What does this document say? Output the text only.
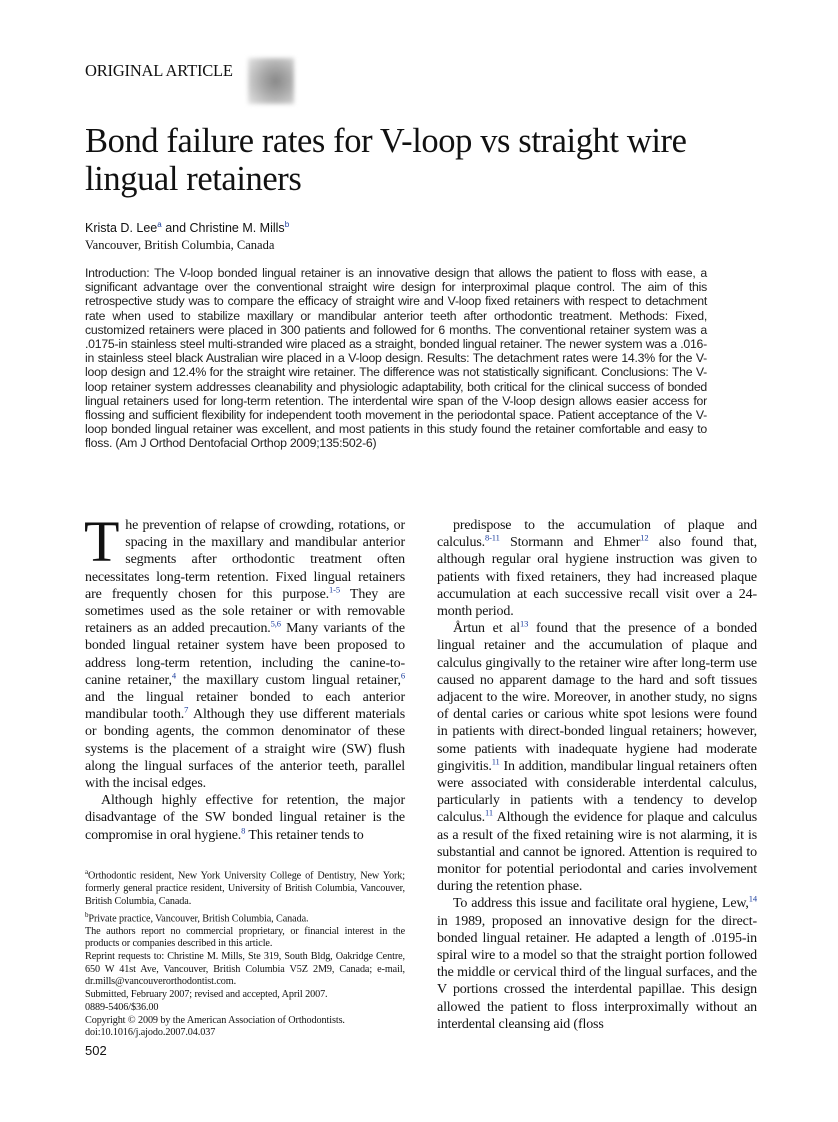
ORIGINAL ARTICLE
Bond failure rates for V-loop vs straight wire lingual retainers
Krista D. Lee$^a$ and Christine M. Mills$^b$
Vancouver, British Columbia, Canada
Introduction: The V-loop bonded lingual retainer is an innovative design that allows the patient to floss with ease, a significant advantage over the conventional straight wire design for interproximal plaque control. The aim of this retrospective study was to compare the efficacy of straight wire and V-loop fixed retainers with respect to detachment rate when used to stabilize maxillary or mandibular anterior teeth after orthodontic treatment. Methods: Fixed, customized retainers were placed in 300 patients and followed for 6 months. The conventional retainer system was a .0175-in stainless steel multi-stranded wire placed as a straight, bonded lingual retainer. The newer system was a .016-in stainless steel black Australian wire placed in a V-loop design. Results: The detachment rates were 14.3% for the V-loop design and 12.4% for the straight wire retainer. The difference was not statistically significant. Conclusions: The V-loop retainer system addresses cleanability and physiologic adaptability, both critical for the clinical success of bonded lingual retainers used for long-term retention. The interdental wire span of the V-loop design allows easier access for flossing and sufficient flexibility for independent tooth movement in the periodontal space. Patient acceptance of the V-loop bonded lingual retainer was excellent, and most patients in this study found the retainer comfortable and easy to floss. (Am J Orthod Dentofacial Orthop 2009;135:502-6)

The prevention of relapse of crowding, rotations, or spacing in the maxillary and mandibular anterior segments after orthodontic treatment often necessitates long-term retention. Fixed lingual retainers are frequently chosen for this purpose.$^{1-5}$ They are sometimes used as the sole retainer or with removable retainers as an added precaution.$^{5,6}$ Many variants of the bonded lingual retainer system have been proposed to address long-term retention, including the canine-to-canine retainer,$^4$ the maxillary custom lingual retainer,$^6$ and the lingual retainer bonded to each anterior mandibular tooth.$^7$ Although they use different materials or bonding agents, the common denominator of these systems is the placement of a straight wire (SW) flush along the lingual surfaces of the anterior teeth, parallel with the incisal edges.

Although highly effective for retention, the major disadvantage of the SW bonded lingual retainer is the compromise in oral hygiene.$^8$ This retainer tends to

predispose to the accumulation of plaque and calculus.$^{8-11}$ Stormann and Ehmer$^{12}$ also found that, although regular oral hygiene instruction was given to patients with fixed retainers, they had increased plaque accumulation at each successive recall visit over a 24-month period.

Årtun et $al^{13}$ found that the presence of a bonded lingual retainer and the accumulation of plaque and calculus gingivally to the retainer wire after long-term use caused no apparent damage to the hard and soft tissues adjacent to the wire. Moreover, in another study, no signs of dental caries or carious white spot lesions were found in patients with direct-bonded lingual retainers; however, some patients with inadequate hygiene had moderate gingivitis.$^{11}$ In addition, mandibular lingual retainers often were associated with considerable interdental calculus, particularly in patients with a tendency to develop calculus.$^{11}$ Although the evidence for plaque and calculus as a result of the fixed retaining wire is not alarming, it is substantial and cannot be ignored. Attention is required to monitor for potential periodontal and caries involvement during the retention phase.

To address this issue and facilitate oral hygiene, Lew,$^{14}$ in 1989, proposed an innovative design for the direct-bonded lingual retainer. He adapted a length of .0195-in spiral wire to a model so that the straight portion followed the middle or cervical third of the lingual surfaces, and the V portions crossed the interdental papillae. This design allowed the patient to floss interproximally without an interdental cleansing aid (floss

$^a$Orthodontic resident, New York University College of Dentistry, New York; formerly general practice resident, University of British Columbia, Vancouver, British Columbia, Canada.
$^b$Private practice, Vancouver, British Columbia, Canada.
The authors report no commercial proprietary, or financial interest in the products or companies described in this article.
Reprint requests to: Christine M. Mills, Ste 319, South Bldg, Oakridge Centre, 650 W 41st Ave, Vancouver, British Columbia V5Z 2M9, Canada; e-mail, dr.mills@vancouverorthodontist.com.
Submitted, February 2007; revised and accepted, April 2007.
0889-5406/$36.00
Copyright © 2009 by the American Association of Orthodontists.
doi:10.1016/j.ajodo.2007.04.037
502
